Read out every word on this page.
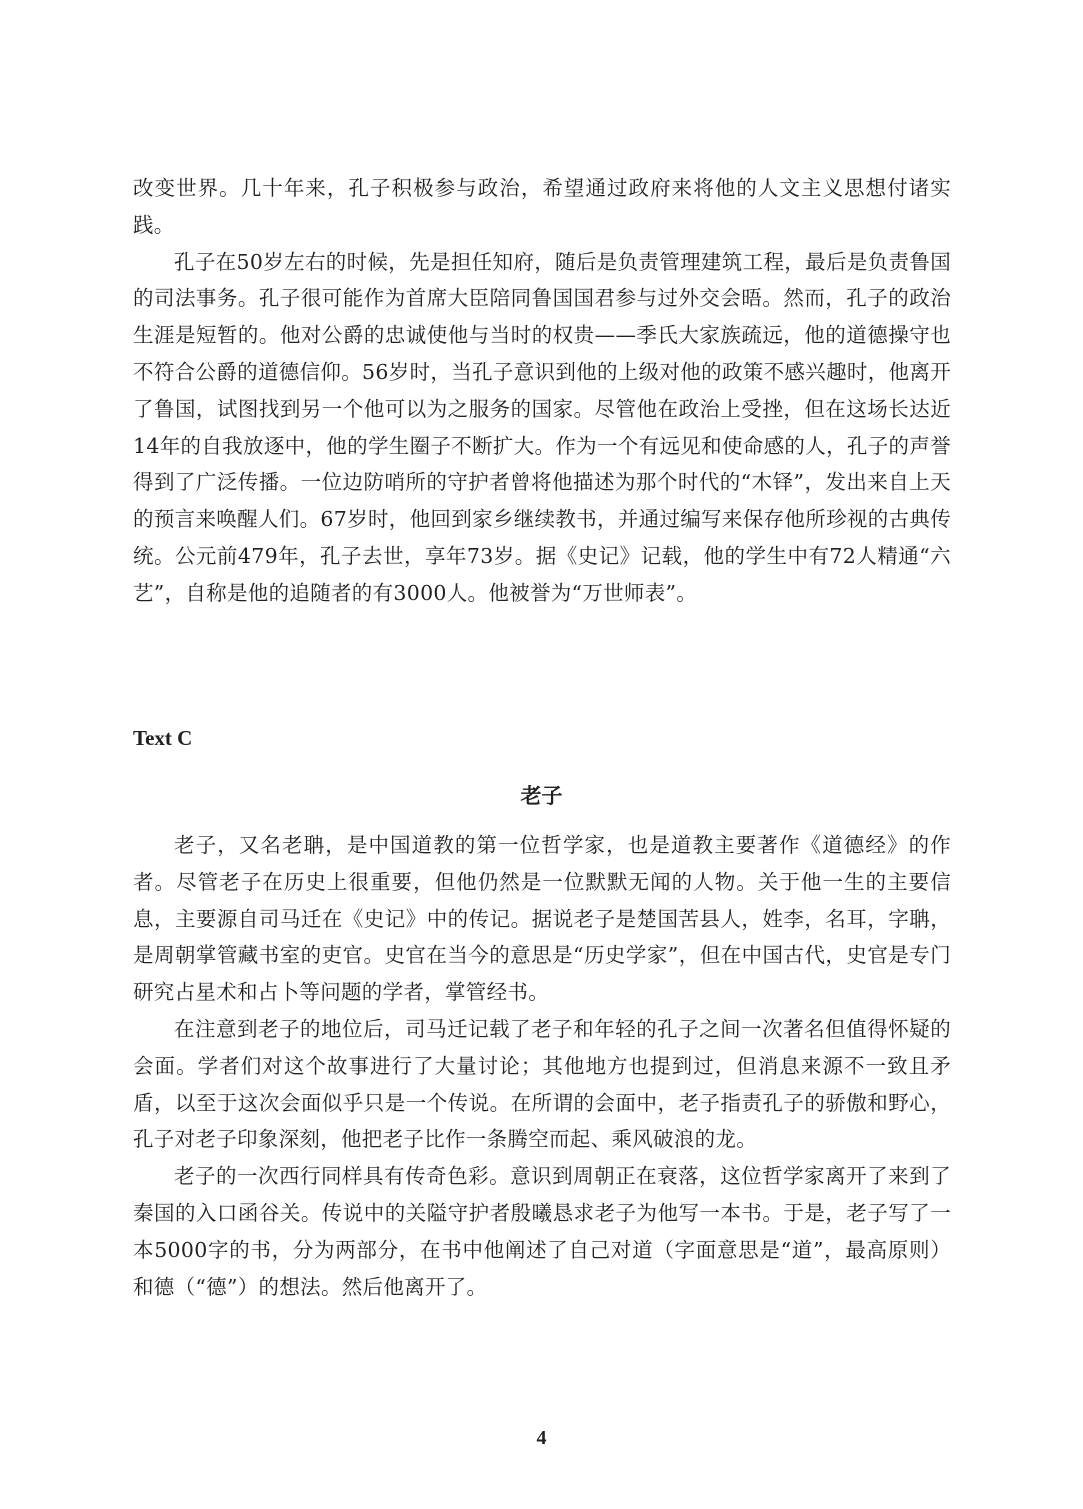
改变世界。几十年来，孔子积极参与政治，希望通过政府来将他的人文主义思想付诸实践。

孔子在50岁左右的时候，先是担任知府，随后是负责管理建筑工程，最后是负责鲁国的司法事务。孔子很可能作为首席大臣陪同鲁国国君参与过外交会晤。然而，孔子的政治生涯是短暂的。他对公爵的忠诚使他与当时的权贵——季氏大家族疏远，他的道德操守也不符合公爵的道德信仰。56岁时，当孔子意识到他的上级对他的政策不感兴趣时，他离开了鲁国，试图找到另一个他可以为之服务的国家。尽管他在政治上受挫，但在这场长达近14年的自我放逐中，他的学生圈子不断扩大。作为一个有远见和使命感的人，孔子的声誉得到了广泛传播。一位边防哨所的守护者曾将他描述为那个时代的“木铎”，发出来自上天的预言来唤醒人们。67岁时，他回到家乡继续教书，并通过编写来保存他所珍视的古典传统。公元前479年，孔子去世，享年73岁。据《史记》记载，他的学生中有72人精通“六艺”，自称是他的追随者的有3000人。他被誉为“万世师表”。

Text C
老子

老子，又名老聃，是中国道教的第一位哲学家，也是道教主要著作《道德经》的作者。尽管老子在历史上很重要，但他仍然是一位默默无闻的人物。关于他一生的主要信息，主要源自司马迁在《史记》中的传记。据说老子是楚国苦县人，姓李，名耳，字聃，是周朝掌管藏书室的吏官。史官在当今的意思是“历史学家”，但在中国古代，史官是专门研究占星术和占卜等问题的学者，掌管经书。

在注意到老子的地位后，司马迁记载了老子和年轻的孔子之间一次著名但值得怀疑的会面。学者们对这个故事进行了大量讨论；其他地方也提到过，但消息来源不一致且矛盾，以至于这次会面似乎只是一个传说。在所谓的会面中，老子指责孔子的骄傲和野心，孔子对老子印象深刻，他把老子比作一条腾空而起、乘风破浪的龙。

老子的一次西行同样具有传奇色彩。意识到周朝正在衰落，这位哲学家离开了来到了秦国的入口函谷关。传说中的关隘守护者殷曦恳求老子为他写一本书。于是，老子写了一本5000字的书，分为两部分，在书中他阐述了自己对道（字面意思是“道”，最高原则）和德（“德”）的想法。然后他离开了。

4
